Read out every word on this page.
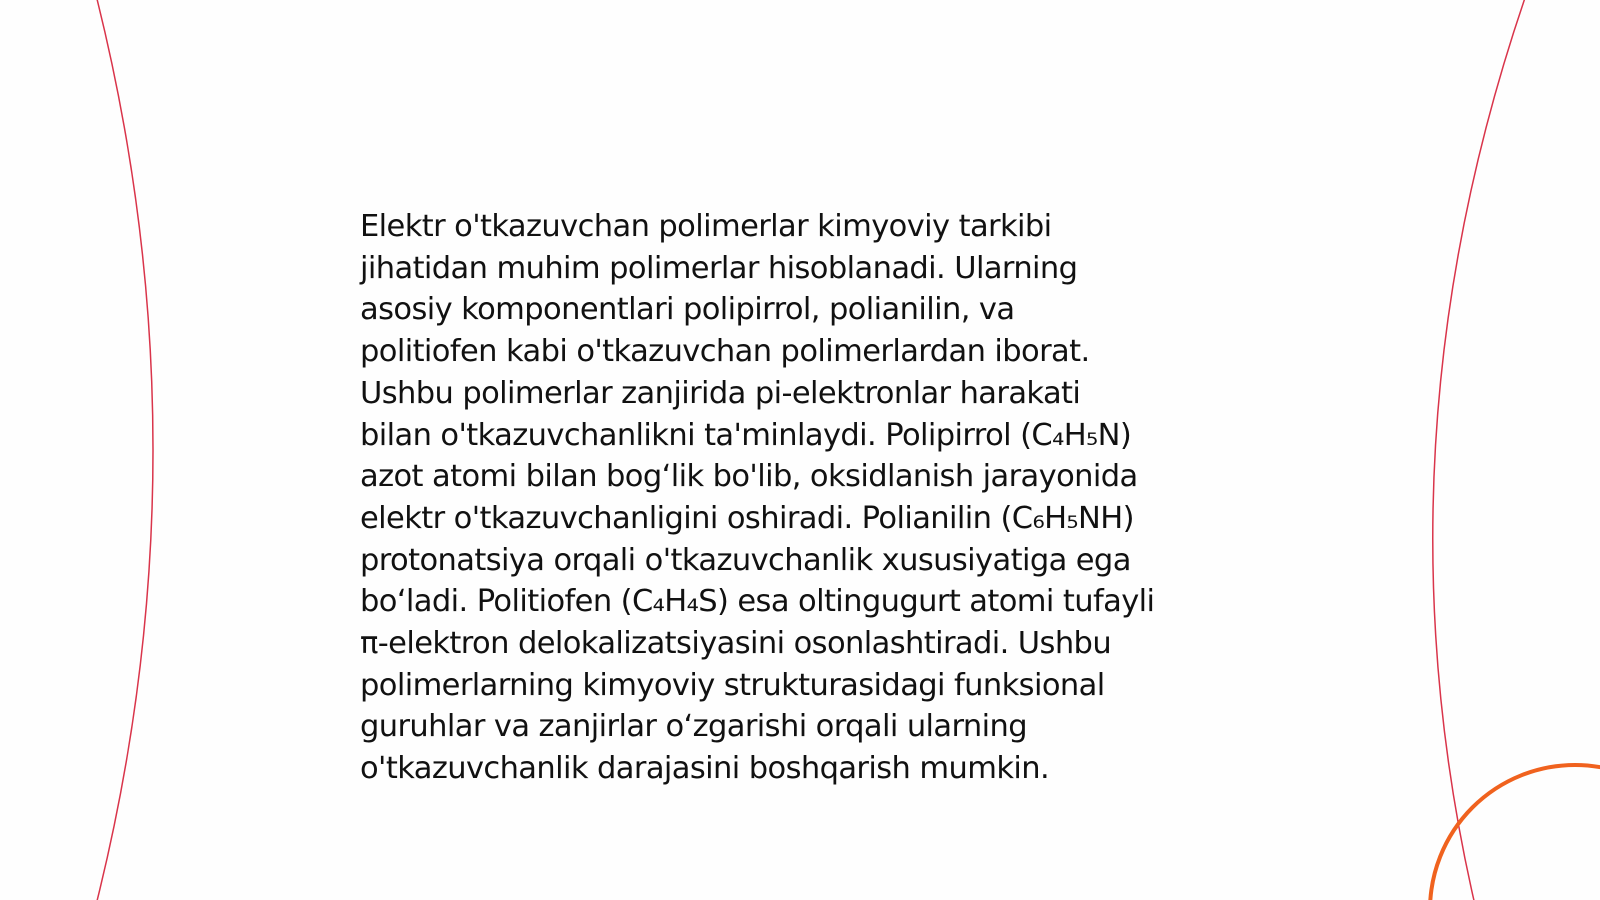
Elektr o'tkazuvchan polimerlar kimyoviy tarkibi
jihatidan muhim polimerlar hisoblanadi. Ularning
asosiy komponentlari polipirrol, polianilin, va
politiofen kabi o'tkazuvchan polimerlardan iborat.
Ushbu polimerlar zanjirida pi-elektronlar harakati
bilan o'tkazuvchanlikni ta'minlaydi. Polipirrol (C₄H₅N)
azot atomi bilan bog‘lik bo'lib, oksidlanish jarayonida
elektr o'tkazuvchanligini oshiradi. Polianilin (C₆H₅NH)
protonatsiya orqali o'tkazuvchanlik xususiyatiga ega
bo‘ladi. Politiofen (C₄H₄S) esa oltingugurt atomi tufayli
π-elektron delokalizatsiyasini osonlashtiradi. Ushbu
polimerlarning kimyoviy strukturasidagi funksional
guruhlar va zanjirlar o‘zgarishi orqali ularning
o'tkazuvchanlik darajasini boshqarish mumkin.
